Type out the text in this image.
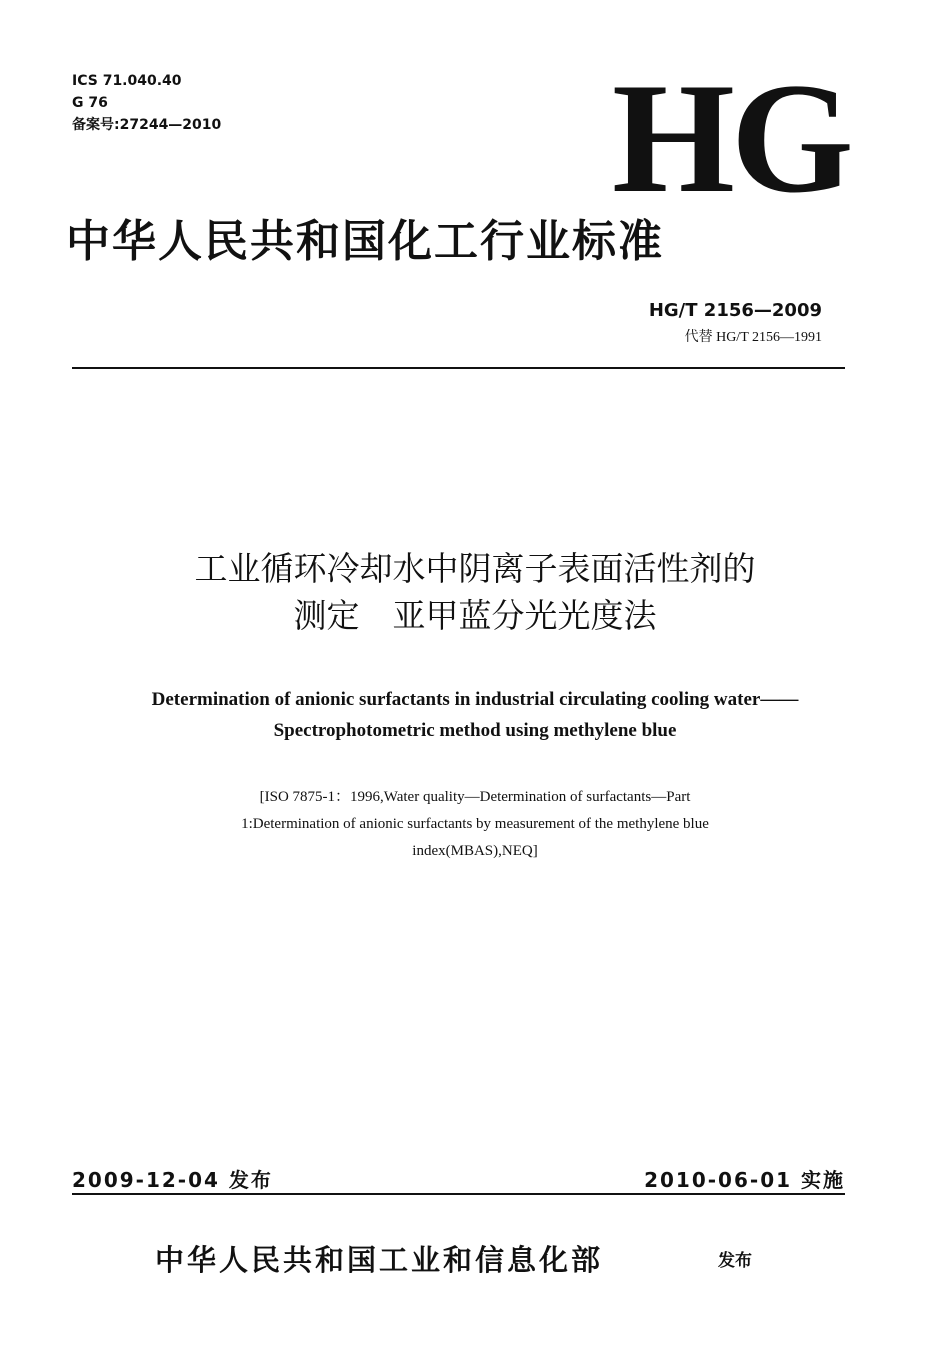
ICS 71.040.40
G 76
备案号:27244—2010 HG
中华人民共和国化工行业标准
HG/T 2156—2009
代替 HG/T 2156—1991
工业循环冷却水中阴离子表面活性剂的
测定　亚甲蓝分光光度法
Determination of anionic surfactants in industrial circulating cooling water——
Spectrophotometric method using methylene blue
[ISO 7875-1：1996,Water quality—Determination of surfactants—Part
1:Determination of anionic surfactants by measurement of the methylene blue
index(MBAS),NEQ]
2009-12-04 发布	2010-06-01 实施
中华人民共和国工业和信息化部	发布
